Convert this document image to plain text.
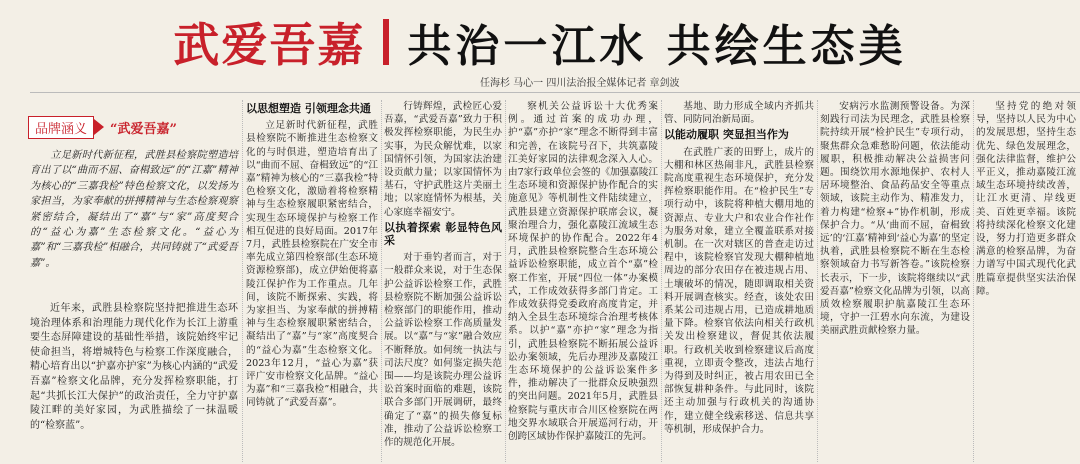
武爱吾嘉 共治一江水 共绘生态美
任海杉 马心一 四川法治报全媒体记者 章剑波
品牌涵义	“武爱吾嘉”
立足新时代新征程，武胜县检察院塑造培育出了以“曲而不屈、奋楫致远”的“江嘉”精神为核心的“三嘉我检”特色检察文化，以发扬为家担当，为家奉献的拼搏精神与生态检察观察紧密结合，凝结出了“嘉”与“家”高度契合的“益心为嘉”生态检察文化。“益心为嘉”和“三嘉我检”相融合，共同铸就了“武爱吾嘉”。

近年来，武胜县检察院坚持把推进生态环境治理体系和治理能力现代化作为长江上游重要生态屏障建设的基础性举措，该院始终牢记使命担当，将增城特色与检察工作深度融合，精心培育出以“护嘉亦护家”为核心内涵的“武爱吾嘉”检察文化品牌，充分发挥检察职能，打起“共抓长江大保护”的政治责任，全力守护嘉陵江畔的美好家园，为武胜描绘了一抹温暖的“检察蓝”。

以思想塑造 引领理念共通

立足新时代新征程，武胜县检察院不断推进生态检察文化的与时俱进，塑造培育出了以“曲而不屈、奋楫致远”的“江嘉”精神为核心的“三嘉我检”特色检察文化，激励着将检察精神与生态检察履职紧密结合，实现生态环境保护与检察工作相互促进的良好局面。2017年7月，武胜县检察院在广安全市率先成立第四检察部(生态环境资源检察部)，成立伊始便将嘉陵江保护作为工作重点。几年间，该院不断探索、实践，将为家担当、为家奉献的拼搏精神与生态检察履职紧密结合，凝结出了“嘉”与“家”高度契合的“益心为嘉”生态检察文化。2023年12月，“益心为嘉”获评广安市检察文化品牌。“益心为嘉”和“三嘉我检”相融合，共同铸就了“武爱吾嘉”。

行铸辉煌，武检匠心爱吾嘉，“武爱吾嘉”致力于积极发挥检察职能，为民生办实事，为民众解忧难，以家国情怀引领，为国家法治建设贡献力量；以家国情怀为基石，守护武胜这片美丽土地；以家庭情怀为根基，关心家庭幸福安宁。

以执着探索 彰显特色风采

对于垂钓者而言，对于一般群众来说，对于生态保护公益诉讼检察工作，武胜县检察院不断加强公益诉讼检察部门的职能作用，推动公益诉讼检察工作高质量发展。以“嘉”与“家”融合效应不断释放。如何统一执法与司法尺度？如何鉴定损失范围——均是该院办理公益诉讼首案时面临的难题，该院联合多部门开展调研，最终确定了“嘉”的损失修复标准，推动了公益诉讼检察工作的规范化开展。

察机关公益诉讼十大优秀案例。通过首案的成功办理，护“嘉”亦护“家”理念不断得到丰富和完善，在该院号召下，共筑嘉陵江美好家园的法律观念深入人心。由7家行政单位会签的《加强嘉陵江生态环境和资源保护协作配合的实施意见》等机制性文件陆续建立，武胜县建立资源保护联席会议，凝聚治理合力，强化嘉陵江流域生态环境保护的协作配合。2022年4月，武胜县检察院整合生态环境公益诉讼检察职能，成立首个“嘉”检察工作室，开展“四位一体”办案模式，工作成效获得多部门肯定。工作成效获得党委政府高度肯定，并纳入全县生态环境综合治理考核体系。以护“嘉”亦护“家”理念为指引，武胜县检察院不断拓展公益诉讼办案领域，先后办理涉及嘉陵江生态环境保护的公益诉讼案件多件，推动解决了一批群众反映强烈的突出问题。2021年5月，武胜县检察院与重庆市合川区检察院在两地交界水域联合开展巡河行动，开创跨区域协作保护嘉陵江的先河。

基地、助力形成全域内齐抓共管、同防同治新局面。

以能动履职 突显担当作为

在武胜广袤的田野上，成片的大棚和林区热闹非凡，武胜县检察院高度重视生态环境保护，充分发挥检察职能作用。在“检护民生”专项行动中，该院将种植大棚用地的资源点、专业大户和农业合作社作为服务对象，建立全覆盖联系对接机制。在一次对辖区的普查走访过程中，该院检察官发现大棚种植地周边的部分农田存在被违规占用、土壤破坏的情况，随即调取相关资料开展调查核实。经查，该处农田系某公司违规占用，已造成耕地质量下降。检察官依法向相关行政机关发出检察建议，督促其依法履职。行政机关收到检察建议后高度重视，立即责令整改，违法占地行为得到及时纠正，被占用农田已全部恢复耕种条件。与此同时，该院还主动加强与行政机关的沟通协作，建立健全线索移送、信息共享等机制，形成保护合力。

安病污水监测预警设备。为深刻践行司法为民理念，武胜县检察院持续开展“检护民生”专项行动，聚焦群众急难愁盼问题，依法能动履职，积极推动解决公益损害问题。围绕饮用水源地保护、农村人居环境整治、食品药品安全等重点领域，该院主动作为、精准发力，着力构建“检察+”协作机制，形成保护合力。“从‘曲而不屈，奋楫致远’的‘江嘉’精神到‘益心为嘉’的坚定执着，武胜县检察院不断在生态检察领域奋力书写新答卷。”该院检察长表示，下一步，该院将继续以“武爱吾嘉”检察文化品牌为引领，以高质效检察履职护航嘉陵江生态环境，守护一江碧水向东流，为建设美丽武胜贡献检察力量。

坚持党的绝对领导，坚持以人民为中心的发展思想，坚持生态优先、绿色发展理念，强化法律监督，维护公平正义，推动嘉陵江流域生态环境持续改善，让江水更清、岸线更美、百姓更幸福。该院将持续深化检察文化建设，努力打造更多群众满意的检察品牌，为奋力谱写中国式现代化武胜篇章提供坚实法治保障。
